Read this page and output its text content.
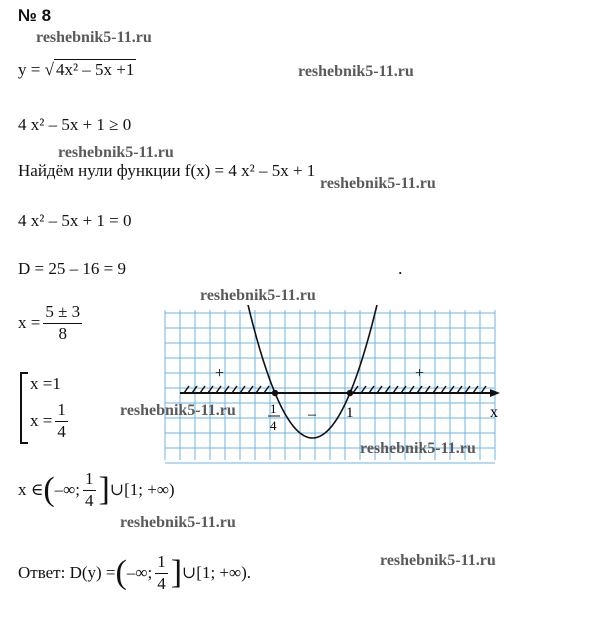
№ 8
y = √ 4x² – 5x +1
4 x² – 5x + 1 ≥ 0
Найдём нули функции f(x) = 4 x² – 5x + 1
4 x² – 5x + 1 = 0
D = 25 – 16 = 9	.
$x = \frac{5 \pm 3}{8}$
x =1
$x = \frac{1}{4}$
x ∈ ( –∞; $\frac{1}{4}$ ] ∪ [1; +∞)
Ответ: D(y) = ( –∞; $\frac{1}{4}$ ] ∪ [1; +∞) .
+	+
–	x
1
4
1
reshebnik5-11.ru
reshebnik5-11.ru
reshebnik5-11.ru
reshebnik5-11.ru
reshebnik5-11.ru
reshebnik5-11.ru
reshebnik5-11.ru
reshebnik5-11.ru
reshebnik5-11.ru
